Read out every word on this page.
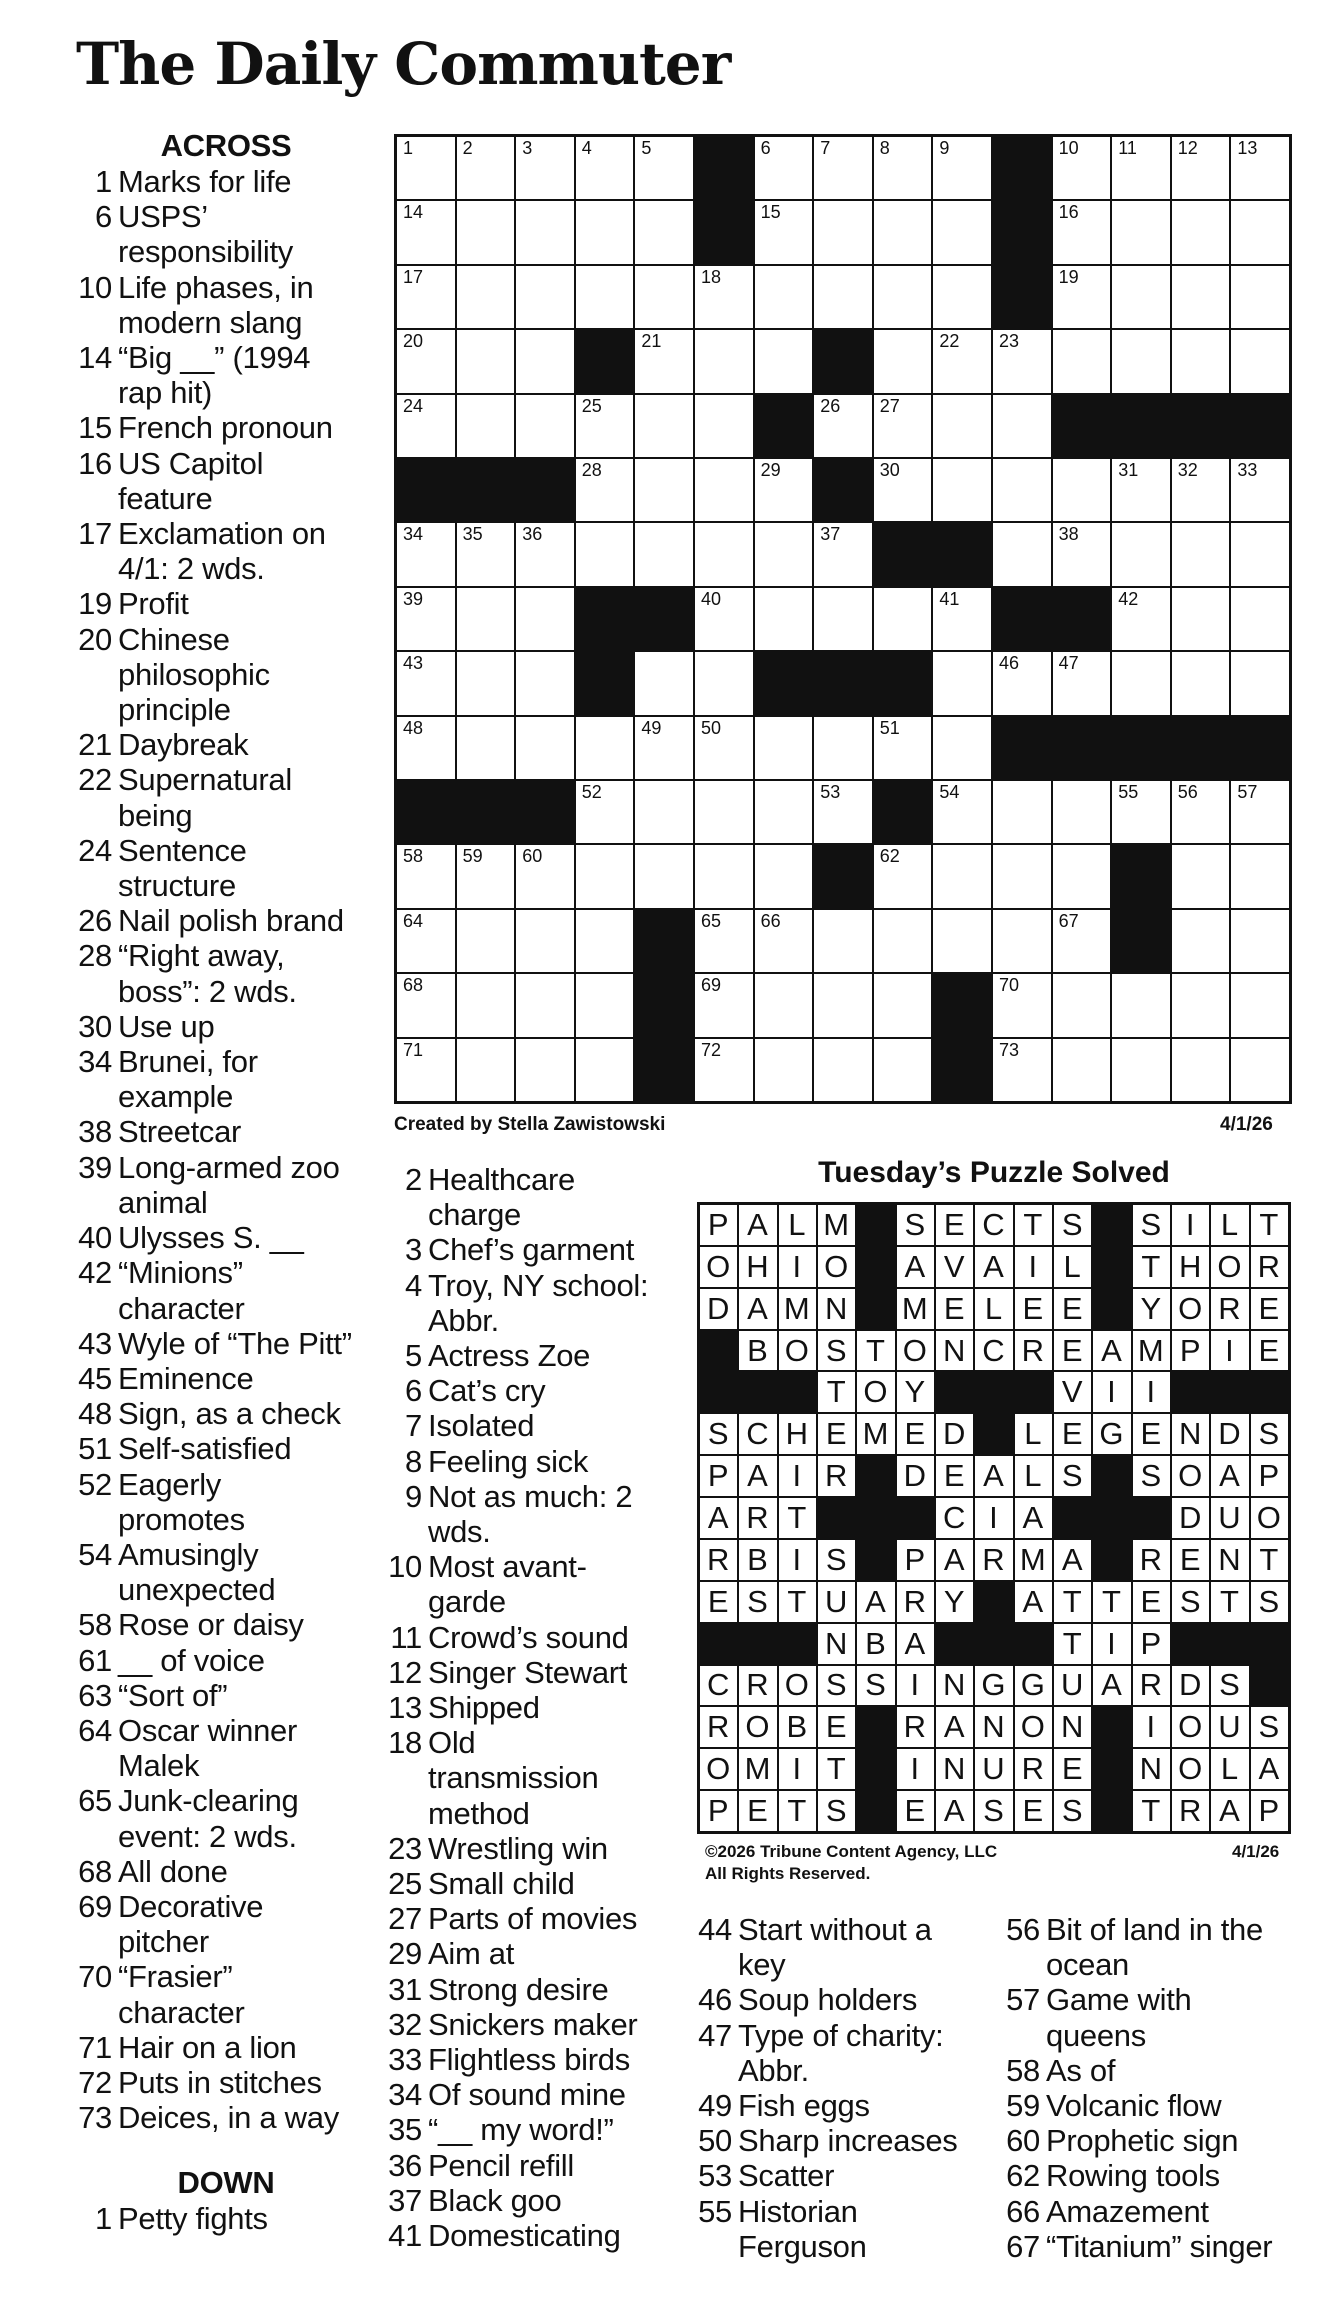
The Daily Commuter
ACROSS
1 Marks for life
6 USPS’
responsibility
10 Life phases, in
modern slang
14 “Big __” (1994
rap hit)
15 French pronoun
16 US Capitol
feature
17 Exclamation on
4/1: 2 wds.
19 Profit
20 Chinese
philosophic
principle
21 Daybreak
22 Supernatural
being
24 Sentence
structure
26 Nail polish brand
28 “Right away,
boss”: 2 wds.
30 Use up
34 Brunei, for
example
38 Streetcar
39 Long-armed zoo
animal
40 Ulysses S. __
42 “Minions”
character
43 Wyle of “The Pitt”
45 Eminence
48 Sign, as a check
51 Self-satisfied
52 Eagerly
promotes
54 Amusingly
unexpected
58 Rose or daisy
61 __ of voice
63 “Sort of”
64 Oscar winner
Malek
65 Junk-clearing
event: 2 wds.
68 All done
69 Decorative
pitcher
70 “Frasier”
character
71 Hair on a lion
72 Puts in stitches
73 Deices, in a way
DOWN
1 Petty fights
1	2	3	4	5	6	7	8	9	10 11 12 13
14	15	16
17	18	19
20	21	22 23
24	25	26 27
28	29	30	31 32 33
34 35 36	37	38
39	40	41	42
43	46 47
48	49 50	51
52	53	54	55 56 57
58 59 60	62
64	65 66	67
68	69	70
71	72	73
Created by Stella Zawistowski	4/1/26
2 Healthcare
charge
3 Chef’s garment
4 Troy, NY school:
Abbr.
5 Actress Zoe
6 Cat’s cry
7 Isolated
8 Feeling sick
9 Not as much: 2
wds.
10 Most avant-
garde
11 Crowd’s sound
12 Singer Stewart
13 Shipped
18 Old
transmission
method
23 Wrestling win
25 Small child
27 Parts of movies
29 Aim at
31 Strong desire
32 Snickers maker
33 Flightless birds
34 Of sound mine
35 “__ my word!”
36 Pencil refill
37 Black goo
41 Domesticating
Tuesday’s Puzzle Solved
P A L M S E C T S S I L T
O H I O A V A I L	T H O R
D A M N M E L E E Y O R E
B O S T O N C R E A M P I E
T O Y	V I I
S C H E M E D	L E G E N D S
P A I R D E A L S S O A P
A R T	C I A	D U O
R B I S P A R M A R E N T
E S T U A R Y A T T E S T S
N B A	T I P
C R O S S I N G G U A R D S
R O B E R A N O N	I O U S
O M I T	I N U R E N O L A
P E T S E A S E S T R A P
©2026 Tribune Content Agency, LLC
All Rights Reserved.
4/1/26
44 Start without a
key
46 Soup holders
47 Type of charity:
Abbr.
49 Fish eggs
50 Sharp increases
53 Scatter
55 Historian
Ferguson
56 Bit of land in the
ocean
57 Game with
queens
58 As of
59 Volcanic flow
60 Prophetic sign
62 Rowing tools
66 Amazement
67 “Titanium” singer
